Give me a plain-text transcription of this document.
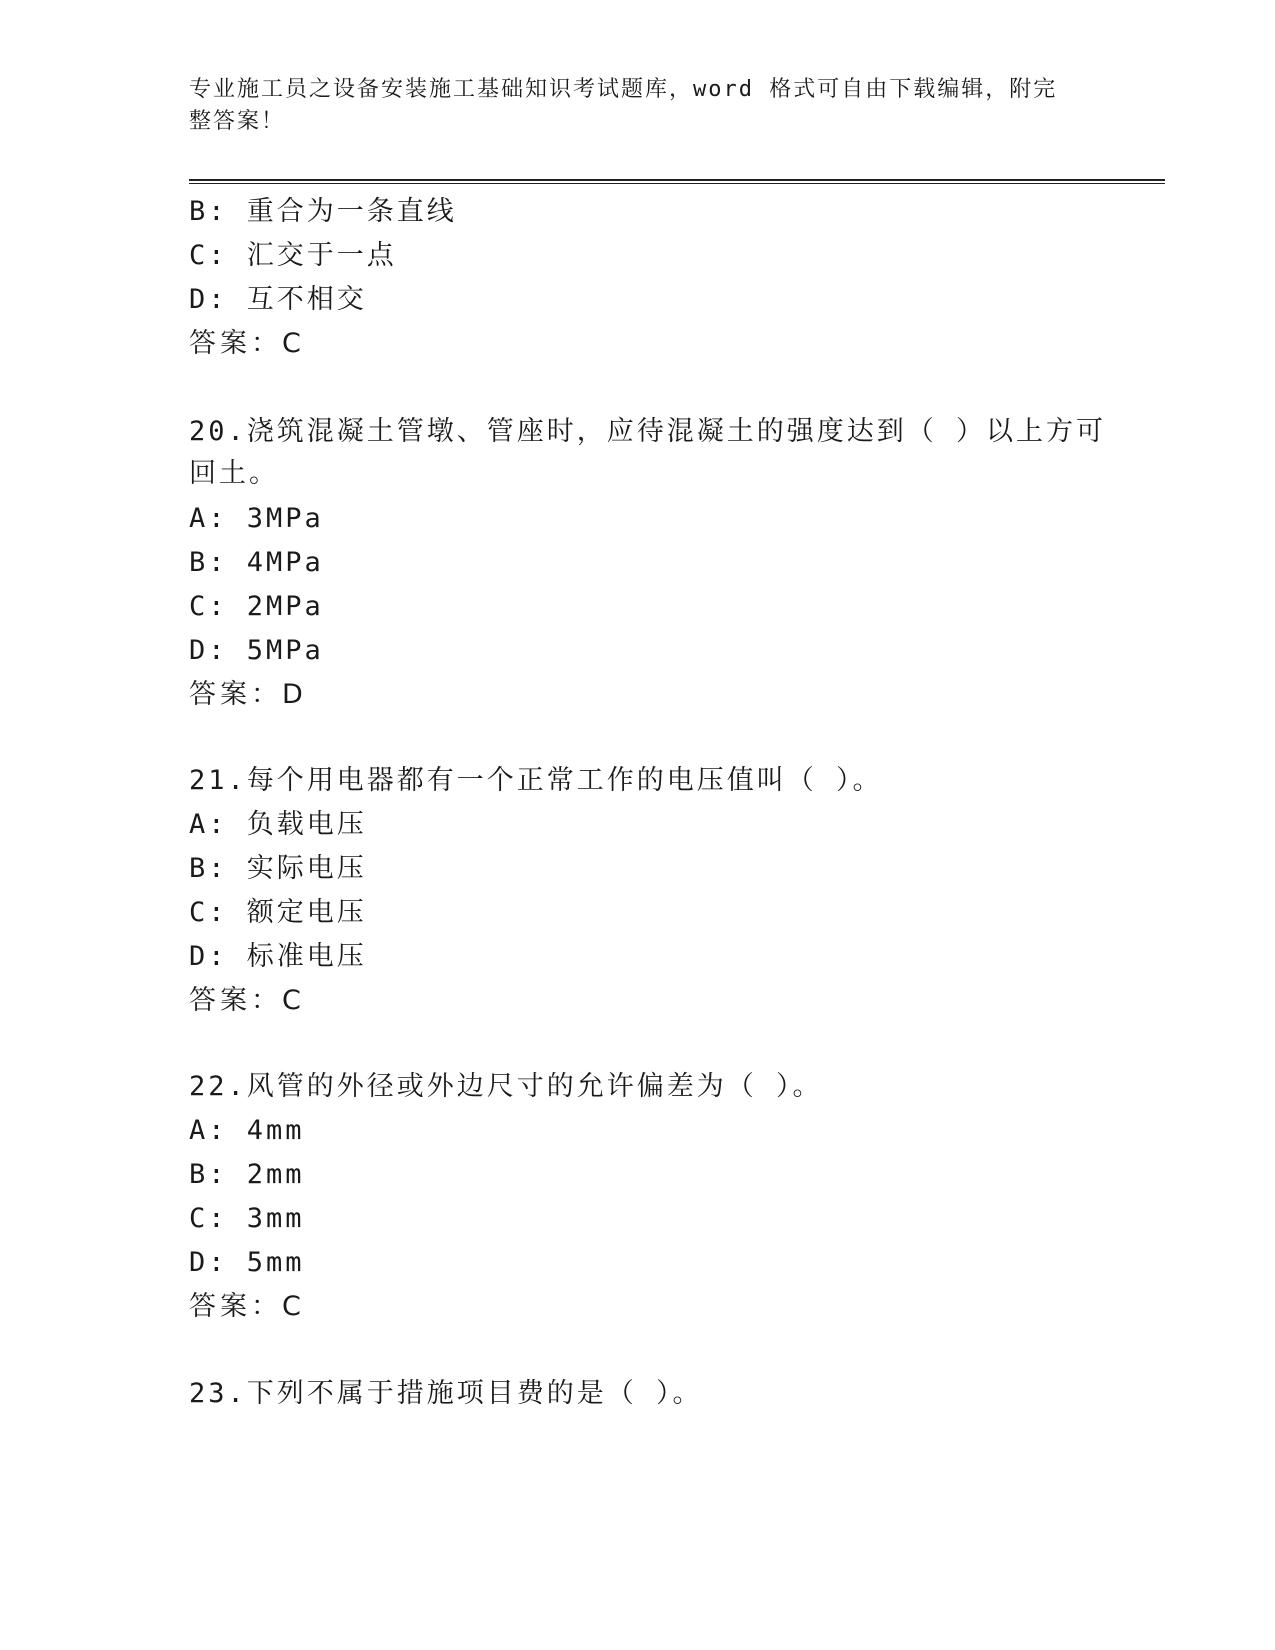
专业施工员之设备安装施工基础知识考试题库，word 格式可自由下载编辑，附完
整答案！
B: 重合为一条直线
C: 汇交于一点
D: 互不相交
答案：C
20.浇筑混凝土管墩、管座时，应待混凝土的强度达到（ ）以上方可
回土。
A: 3MPa
B: 4MPa
C: 2MPa
D: 5MPa
答案：D
21.每个用电器都有一个正常工作的电压值叫（ ）。
A: 负载电压
B: 实际电压
C: 额定电压
D: 标准电压
答案：C
22.风管的外径或外边尺寸的允许偏差为（ ）。
A: 4mm
B: 2mm
C: 3mm
D: 5mm
答案：C
23.下列不属于措施项目费的是（ ）。
